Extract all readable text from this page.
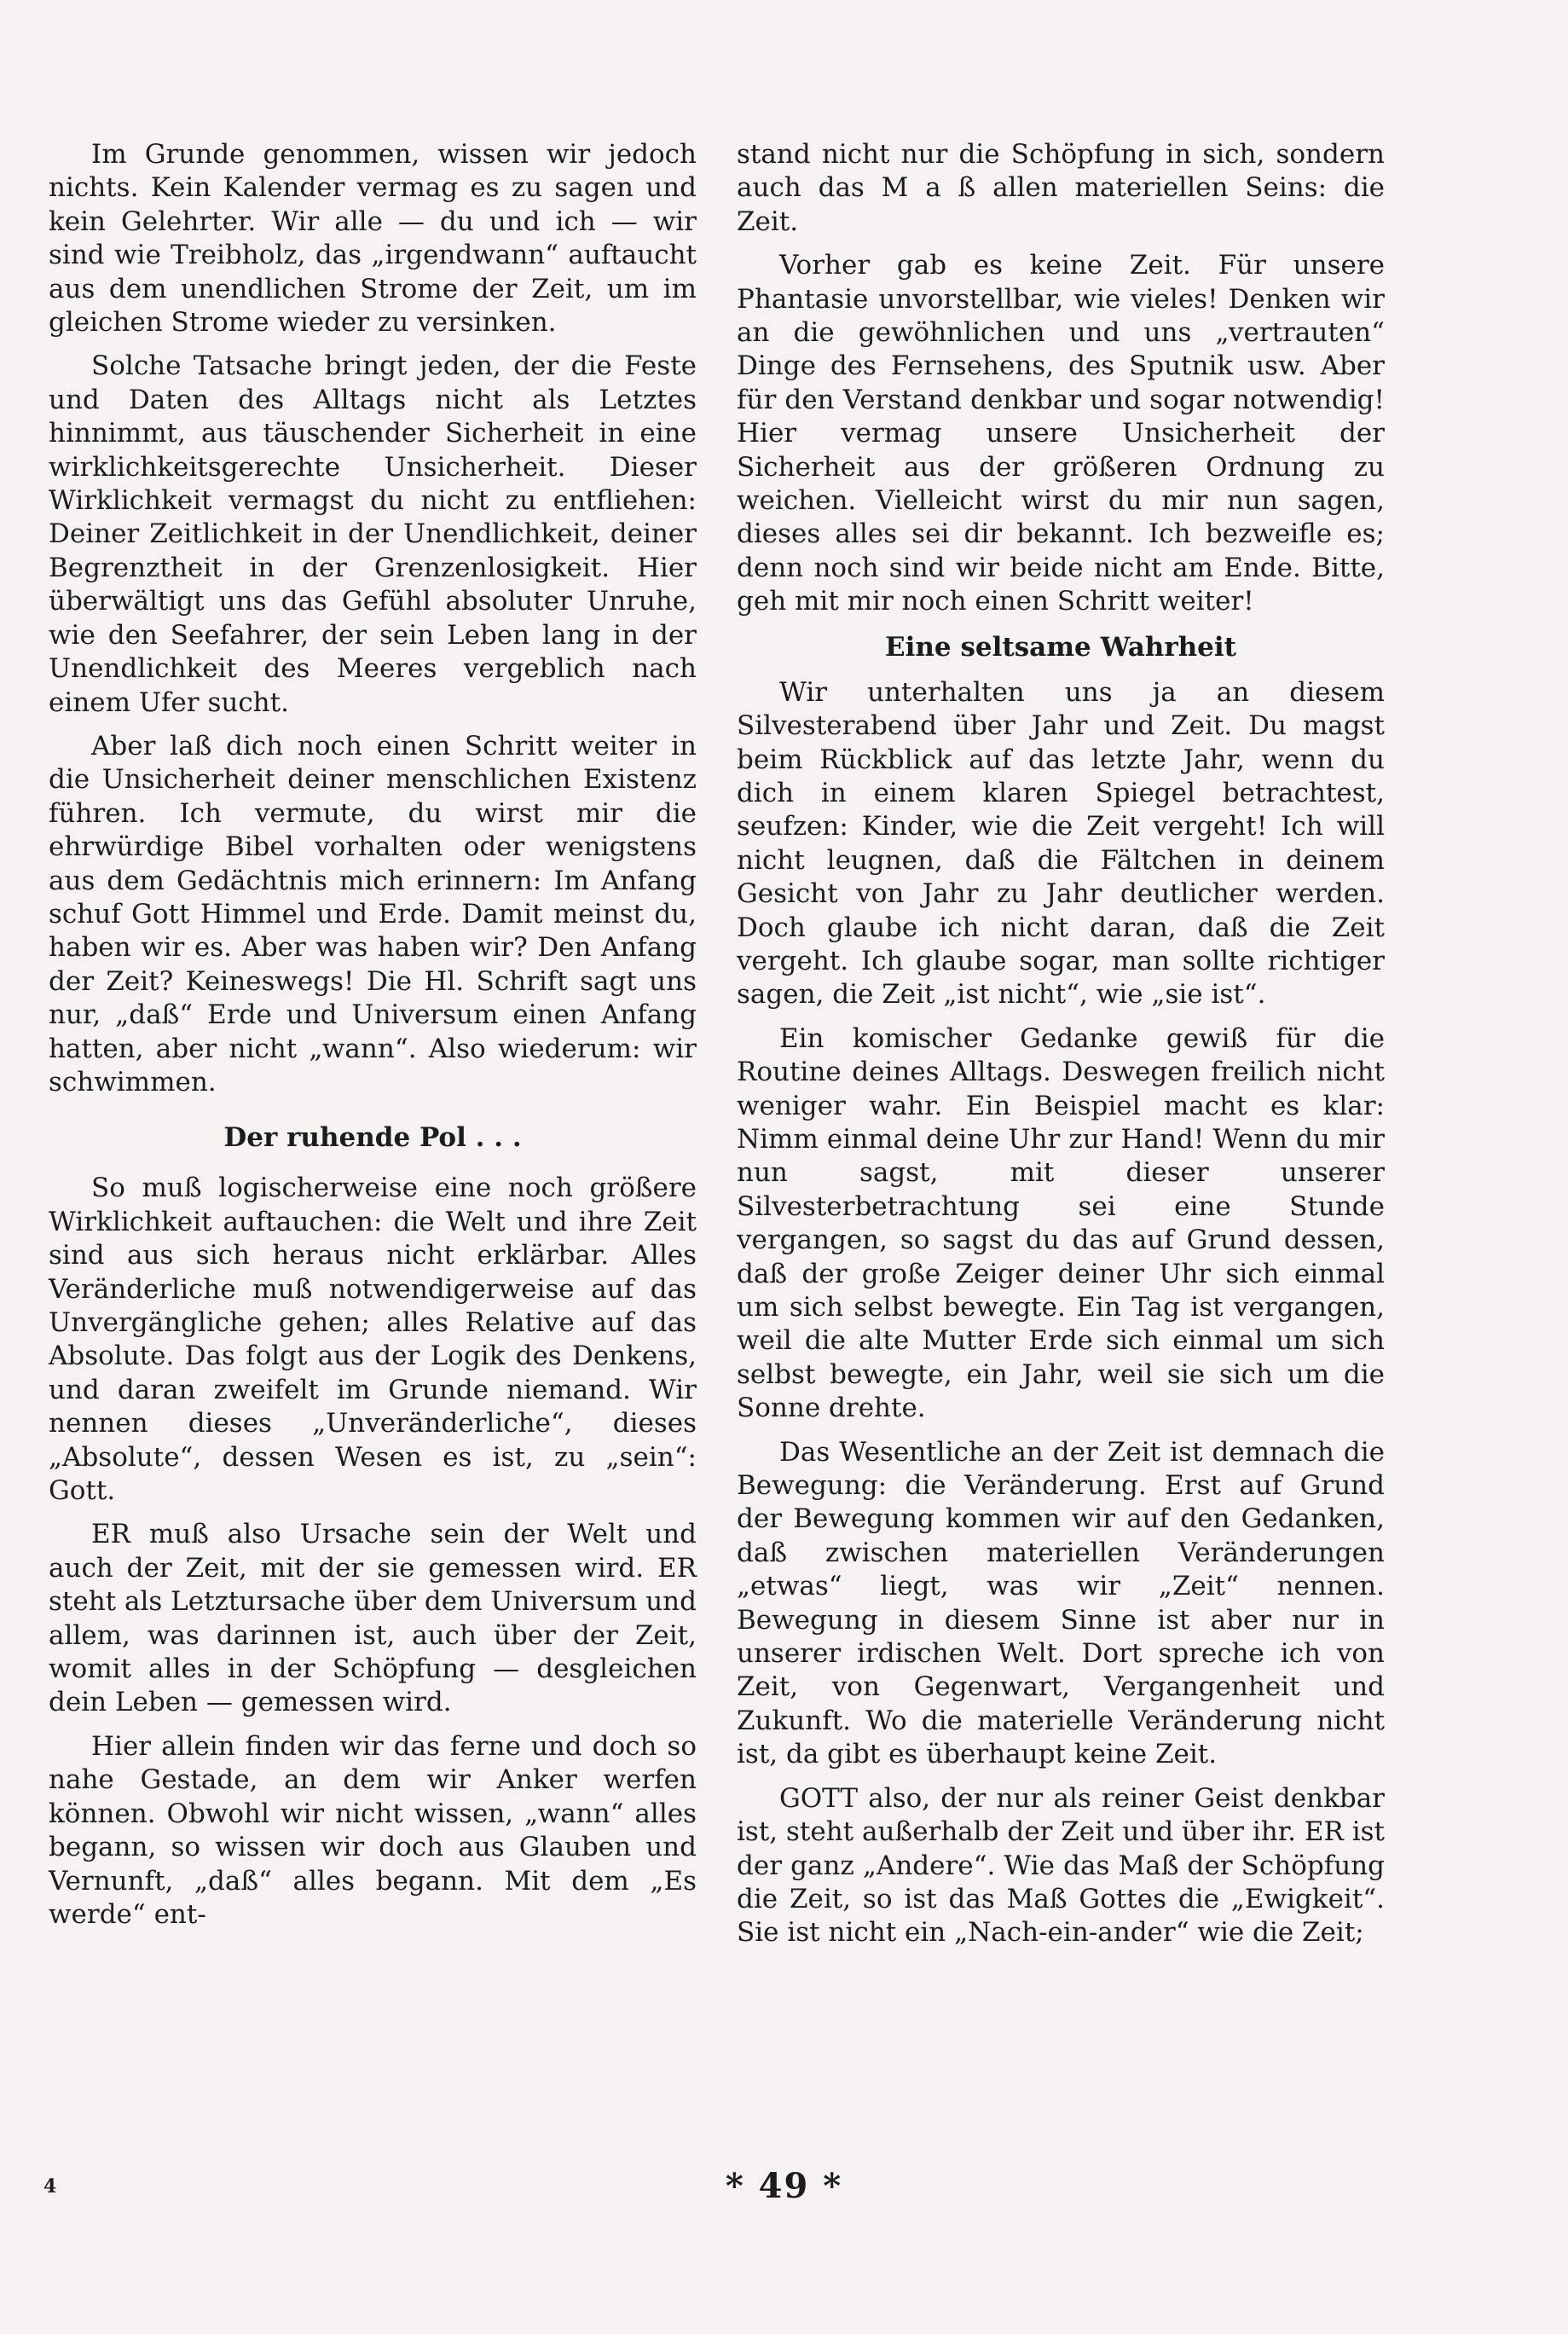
Im Grunde genommen, wissen wir jedoch nichts. Kein Kalender vermag es zu sagen und kein Gelehrter. Wir alle — du und ich — wir sind wie Treibholz, das „irgendwann“ auftaucht aus dem unendlichen Strome der Zeit, um im gleichen Strome wieder zu versinken.

Solche Tatsache bringt jeden, der die Feste und Daten des Alltags nicht als Letztes hinnimmt, aus täuschender Sicherheit in eine wirklichkeitsgerechte Unsicherheit. Dieser Wirklichkeit vermagst du nicht zu entfliehen: Deiner Zeitlichkeit in der Unendlichkeit, deiner Begrenztheit in der Grenzenlosigkeit. Hier überwältigt uns das Gefühl absoluter Unruhe, wie den Seefahrer, der sein Leben lang in der Unendlichkeit des Meeres vergeblich nach einem Ufer sucht.

Aber laß dich noch einen Schritt weiter in die Unsicherheit deiner menschlichen Existenz führen. Ich vermute, du wirst mir die ehrwürdige Bibel vorhalten oder wenigstens aus dem Gedächtnis mich erinnern: Im Anfang schuf Gott Himmel und Erde. Damit meinst du, haben wir es. Aber was haben wir? Den Anfang der Zeit? Keineswegs! Die Hl. Schrift sagt uns nur, „daß“ Erde und Universum einen Anfang hatten, aber nicht „wann“. Also wiederum: wir schwimmen.

Der ruhende Pol . . .

So muß logischerweise eine noch größere Wirklichkeit auftauchen: die Welt und ihre Zeit sind aus sich heraus nicht erklärbar. Alles Veränderliche muß notwendigerweise auf das Unvergängliche gehen; alles Relative auf das Absolute. Das folgt aus der Logik des Denkens, und daran zweifelt im Grunde niemand. Wir nennen dieses „Unveränderliche“, dieses „Absolute“, dessen Wesen es ist, zu „sein“: Gott.

ER muß also Ursache sein der Welt und auch der Zeit, mit der sie gemessen wird. ER steht als Letztursache über dem Universum und allem, was darinnen ist, auch über der Zeit, womit alles in der Schöpfung — desgleichen dein Leben — gemessen wird.

Hier allein finden wir das ferne und doch so nahe Gestade, an dem wir Anker werfen können. Obwohl wir nicht wissen, „wann“ alles begann, so wissen wir doch aus Glauben und Vernunft, „daß“ alles begann. Mit dem „Es werde“ ent-

stand nicht nur die Schöpfung in sich, sondern auch das M a ß allen materiellen Seins: die Zeit.

Vorher gab es keine Zeit. Für unsere Phantasie unvorstellbar, wie vieles! Denken wir an die gewöhnlichen und uns „vertrauten“ Dinge des Fernsehens, des Sputnik usw. Aber für den Verstand denkbar und sogar notwendig! Hier vermag unsere Unsicherheit der Sicherheit aus der größeren Ordnung zu weichen. Vielleicht wirst du mir nun sagen, dieses alles sei dir bekannt. Ich bezweifle es; denn noch sind wir beide nicht am Ende. Bitte, geh mit mir noch einen Schritt weiter!

Eine seltsame Wahrheit

Wir unterhalten uns ja an diesem Silvesterabend über Jahr und Zeit. Du magst beim Rückblick auf das letzte Jahr, wenn du dich in einem klaren Spiegel betrachtest, seufzen: Kinder, wie die Zeit vergeht! Ich will nicht leugnen, daß die Fältchen in deinem Gesicht von Jahr zu Jahr deutlicher werden. Doch glaube ich nicht daran, daß die Zeit vergeht. Ich glaube sogar, man sollte richtiger sagen, die Zeit „ist nicht“, wie „sie ist“.

Ein komischer Gedanke gewiß für die Routine deines Alltags. Deswegen freilich nicht weniger wahr. Ein Beispiel macht es klar: Nimm einmal deine Uhr zur Hand! Wenn du mir nun sagst, mit dieser unserer Silvesterbetrachtung sei eine Stunde vergangen, so sagst du das auf Grund dessen, daß der große Zeiger deiner Uhr sich einmal um sich selbst bewegte. Ein Tag ist vergangen, weil die alte Mutter Erde sich einmal um sich selbst bewegte, ein Jahr, weil sie sich um die Sonne drehte.

Das Wesentliche an der Zeit ist demnach die Bewegung: die Veränderung. Erst auf Grund der Bewegung kommen wir auf den Gedanken, daß zwischen materiellen Veränderungen „etwas“ liegt, was wir „Zeit“ nennen. Bewegung in diesem Sinne ist aber nur in unserer irdischen Welt. Dort spreche ich von Zeit, von Gegenwart, Vergangenheit und Zukunft. Wo die materielle Veränderung nicht ist, da gibt es überhaupt keine Zeit.

GOTT also, der nur als reiner Geist denkbar ist, steht außerhalb der Zeit und über ihr. ER ist der ganz „Andere“. Wie das Maß der Schöpfung die Zeit, so ist das Maß Gottes die „Ewigkeit“. Sie ist nicht ein „Nach-ein-ander“ wie die Zeit;

4	* 49 *
